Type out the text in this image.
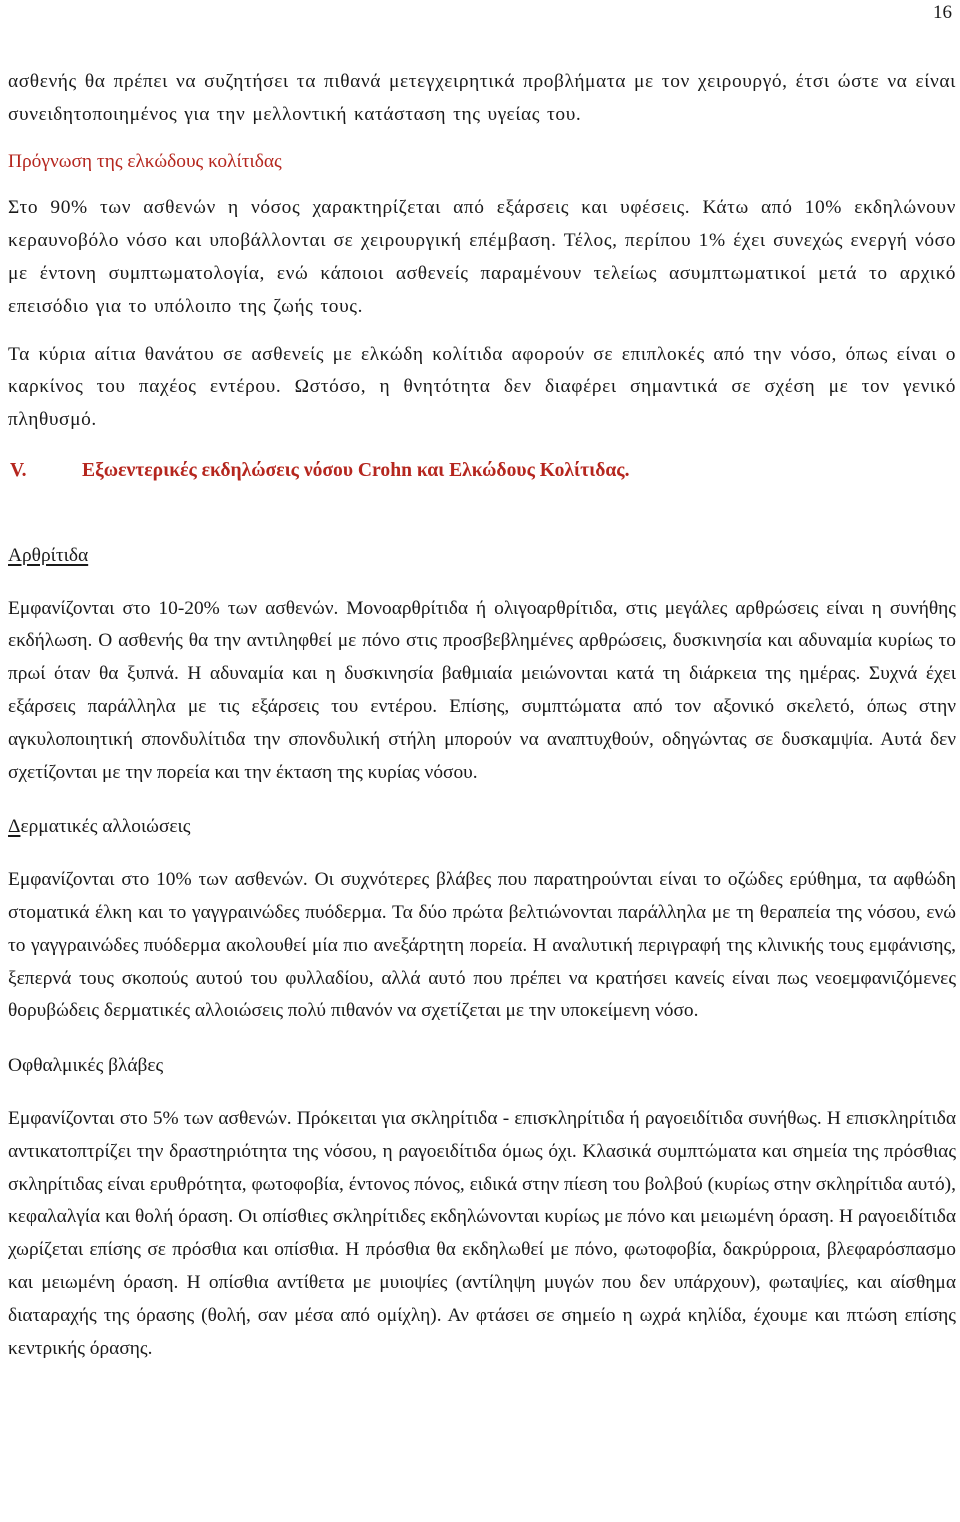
16

ασθενής θα πρέπει να συζητήσει τα πιθανά μετεγχειρητικά προβλήματα με τον χειρουργό, έτσι ώστε να είναι συνειδητοποιημένος για την μελλοντική κατάσταση της υγείας του.

Πρόγνωση της ελκώδους κολίτιδας

Στο 90% των ασθενών η νόσος χαρακτηρίζεται από εξάρσεις και υφέσεις. Κάτω από 10% εκδηλώνουν κεραυνοβόλο νόσο και υποβάλλονται σε χειρουργική επέμβαση. Τέλος, περίπου 1% έχει συνεχώς ενεργή νόσο με έντονη συμπτωματολογία, ενώ κάποιοι ασθενείς παραμένουν τελείως ασυμπτωματικοί μετά το αρχικό επεισόδιο για το υπόλοιπο της ζωής τους.

Τα κύρια αίτια θανάτου σε ασθενείς με ελκώδη κολίτιδα αφορούν σε επιπλοκές από την νόσο, όπως είναι ο καρκίνος του παχέος εντέρου. Ωστόσο, η θνητότητα δεν διαφέρει σημαντικά σε σχέση με τον γενικό πληθυσμό.

V.	Εξωεντερικές εκδηλώσεις νόσου Crohn και Ελκώδους Κολίτιδας.
Αρθρίτιδα

Εμφανίζονται στο 10-20% των ασθενών. Μονοαρθρίτιδα ή ολιγοαρθρίτιδα, στις μεγάλες αρθρώσεις είναι η συνήθης εκδήλωση. Ο ασθενής θα την αντιληφθεί με πόνο στις προσβεβλημένες αρθρώσεις, δυσκινησία και αδυναμία κυρίως το πρωί όταν θα ξυπνά. Η αδυναμία και η δυσκινησία βαθμιαία μειώνονται κατά τη διάρκεια της ημέρας. Συχνά έχει εξάρσεις παράλληλα με τις εξάρσεις του εντέρου. Επίσης, συμπτώματα από τον αξονικό σκελετό, όπως στην αγκυλοποιητική σπονδυλίτιδα την σπονδυλική στήλη μπορούν να αναπτυχθούν, οδηγώντας σε δυσκαμψία. Αυτά δεν σχετίζονται με την πορεία και την έκταση της κυρίας νόσου.

Δερματικές αλλοιώσεις

Εμφανίζονται στο 10% των ασθενών. Οι συχνότερες βλάβες που παρατηρούνται είναι το οζώδες ερύθημα, τα αφθώδη στοματικά έλκη και το γαγγραινώδες πυόδερμα. Τα δύο πρώτα βελτιώνονται παράλληλα με τη θεραπεία της νόσου, ενώ το γαγγραινώδες πυόδερμα ακολουθεί μία πιο ανεξάρτητη πορεία. Η αναλυτική περιγραφή της κλινικής τους εμφάνισης, ξεπερνά τους σκοπούς αυτού του φυλλαδίου, αλλά αυτό που πρέπει να κρατήσει κανείς είναι πως νεοεμφανιζόμενες θορυβώδεις δερματικές αλλοιώσεις πολύ πιθανόν να σχετίζεται με την υποκείμενη νόσο.

Οφθαλμικές βλάβες

Εμφανίζονται στο 5% των ασθενών. Πρόκειται για σκληρίτιδα - επισκληρίτιδα ή ραγοειδίτιδα συνήθως. Η επισκληρίτιδα αντικατοπτρίζει την δραστηριότητα της νόσου, η ραγοειδίτιδα όμως όχι. Κλασικά συμπτώματα και σημεία της πρόσθιας σκληρίτιδας είναι ερυθρότητα, φωτοφοβία, έντονος πόνος, ειδικά στην πίεση του βολβού (κυρίως στην σκληρίτιδα αυτό), κεφαλαλγία και θολή όραση. Οι οπίσθιες σκληρίτιδες εκδηλώνονται κυρίως με πόνο και μειωμένη όραση. Η ραγοειδίτιδα χωρίζεται επίσης σε πρόσθια και οπίσθια. Η πρόσθια θα εκδηλωθεί με πόνο, φωτοφοβία, δακρύρροια, βλεφαρόσπασμο και μειωμένη όραση. Η οπίσθια αντίθετα με μυιοψίες (αντίληψη μυγών που δεν υπάρχουν), φωταψίες, και αίσθημα διαταραχής της όρασης (θολή, σαν μέσα από ομίχλη). Αν φτάσει σε σημείο η ωχρά κηλίδα, έχουμε και πτώση επίσης κεντρικής όρασης.
